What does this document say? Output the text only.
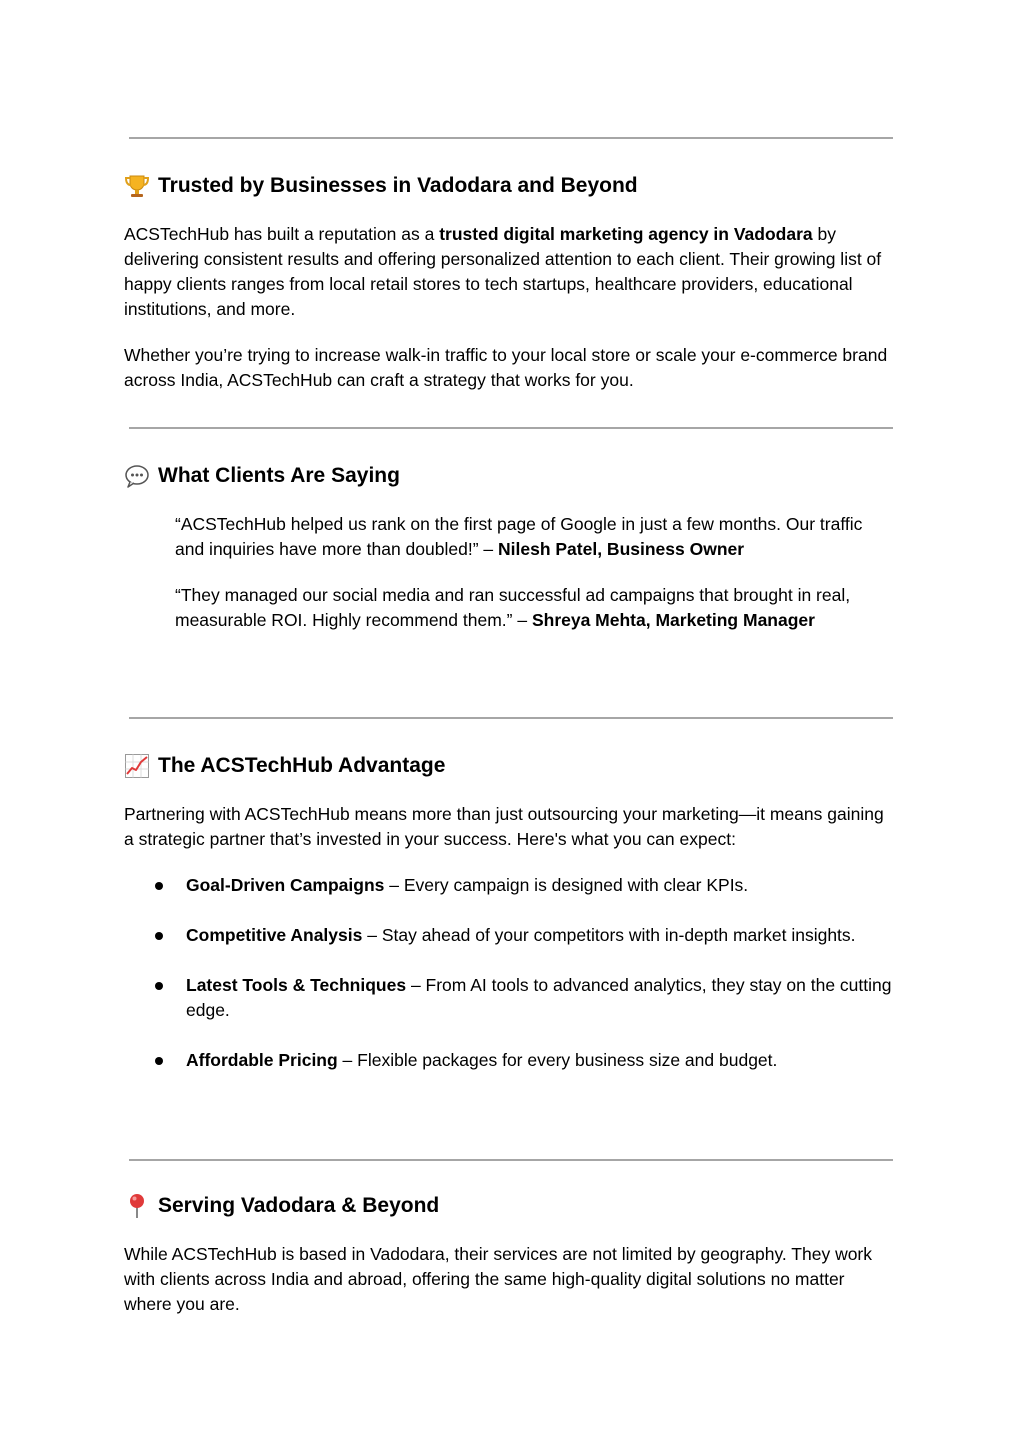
Trusted by Businesses in Vadodara and Beyond

ACSTechHub has built a reputation as a trusted digital marketing agency in Vadodara by delivering consistent results and offering personalized attention to each client. Their growing list of happy clients ranges from local retail stores to tech startups, healthcare providers, educational institutions, and more.

Whether you’re trying to increase walk-in traffic to your local store or scale your e-commerce brand across India, ACSTechHub can craft a strategy that works for you.

What Clients Are Saying

“ACSTechHub helped us rank on the first page of Google in just a few months. Our traffic and inquiries have more than doubled!” – Nilesh Patel, Business Owner

“They managed our social media and ran successful ad campaigns that brought in real, measurable ROI. Highly recommend them.” – Shreya Mehta, Marketing Manager

The ACSTechHub Advantage

Partnering with ACSTechHub means more than just outsourcing your marketing—it means gaining a strategic partner that’s invested in your success. Here's what you can expect:

Goal-Driven Campaigns – Every campaign is designed with clear KPIs.
Competitive Analysis – Stay ahead of your competitors with in-depth market insights.
Latest Tools & Techniques – From AI tools to advanced analytics, they stay on the cutting edge.
Affordable Pricing – Flexible packages for every business size and budget.
Serving Vadodara & Beyond

While ACSTechHub is based in Vadodara, their services are not limited by geography. They work with clients across India and abroad, offering the same high-quality digital solutions no matter where you are.
